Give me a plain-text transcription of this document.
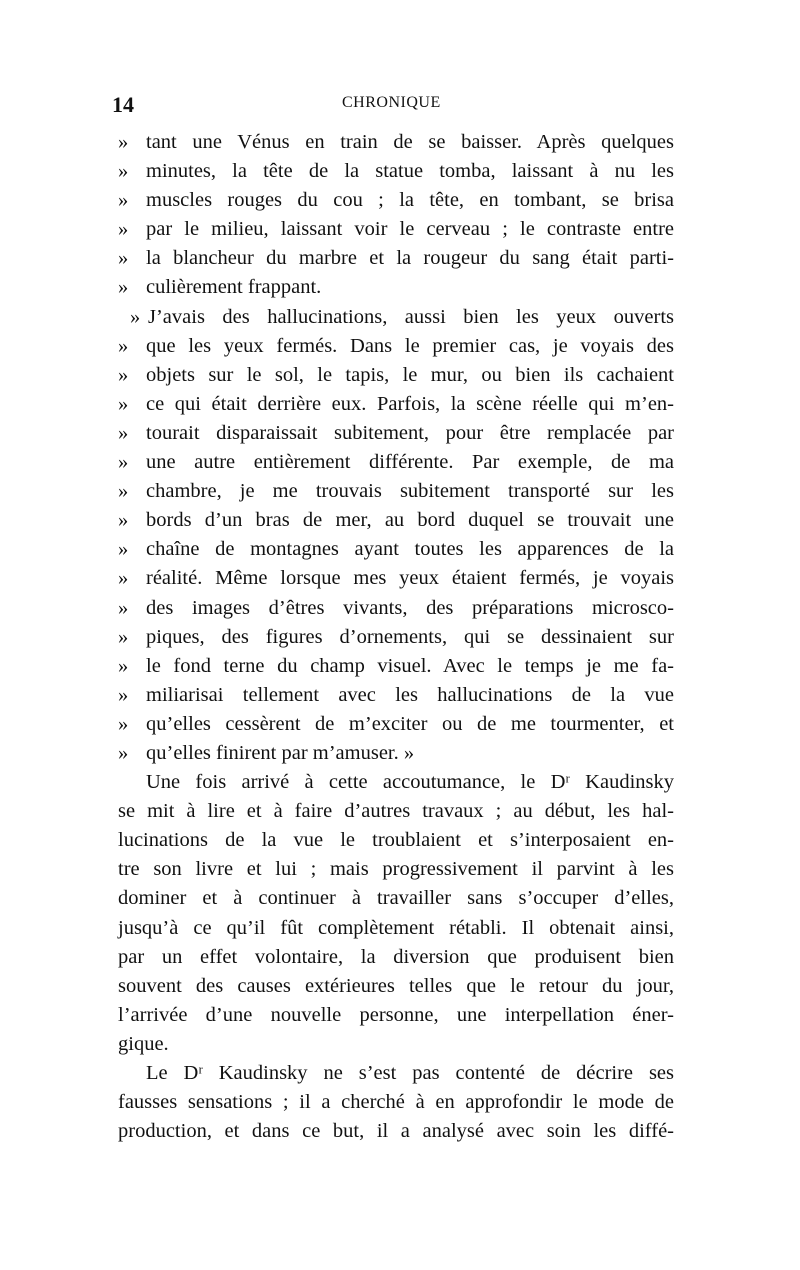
14	CHRONIQUE
» tant une Vénus en train de se baisser. Après quelques
» minutes, la tête de la statue tomba, laissant à nu les
» muscles rouges du cou ; la tête, en tombant, se brisa
» par le milieu, laissant voir le cerveau ; le contraste entre
» la blancheur du marbre et la rougeur du sang était parti-
» culièrement frappant.
» J’avais des hallucinations, aussi bien les yeux ouverts
» que les yeux fermés. Dans le premier cas, je voyais des
» objets sur le sol, le tapis, le mur, ou bien ils cachaient
» ce qui était derrière eux. Parfois, la scène réelle qui m’en-
» tourait disparaissait subitement, pour être remplacée par
» une autre entièrement différente. Par exemple, de ma
» chambre, je me trouvais subitement transporté sur les
» bords d’un bras de mer, au bord duquel se trouvait une
» chaîne de montagnes ayant toutes les apparences de la
» réalité. Même lorsque mes yeux étaient fermés, je voyais
» des images d’êtres vivants, des préparations microsco-
» piques, des figures d’ornements, qui se dessinaient sur
» le fond terne du champ visuel. Avec le temps je me fa-
» miliarisai tellement avec les hallucinations de la vue
» qu’elles cessèrent de m’exciter ou de me tourmenter, et
» qu’elles finirent par m’amuser. »
Une fois arrivé à cette accoutumance, le Dʳ Kaudinsky
se mit à lire et à faire d’autres travaux ; au début, les hal-
lucinations de la vue le troublaient et s’interposaient en-
tre son livre et lui ; mais progressivement il parvint à les
dominer et à continuer à travailler sans s’occuper d’elles,
jusqu’à ce qu’il fût complètement rétabli. Il obtenait ainsi,
par un effet volontaire, la diversion que produisent bien
souvent des causes extérieures telles que le retour du jour,
l’arrivée d’une nouvelle personne, une interpellation éner-
gique.
Le Dʳ Kaudinsky ne s’est pas contenté de décrire ses
fausses sensations ; il a cherché à en approfondir le mode de
production, et dans ce but, il a analysé avec soin les diffé-
